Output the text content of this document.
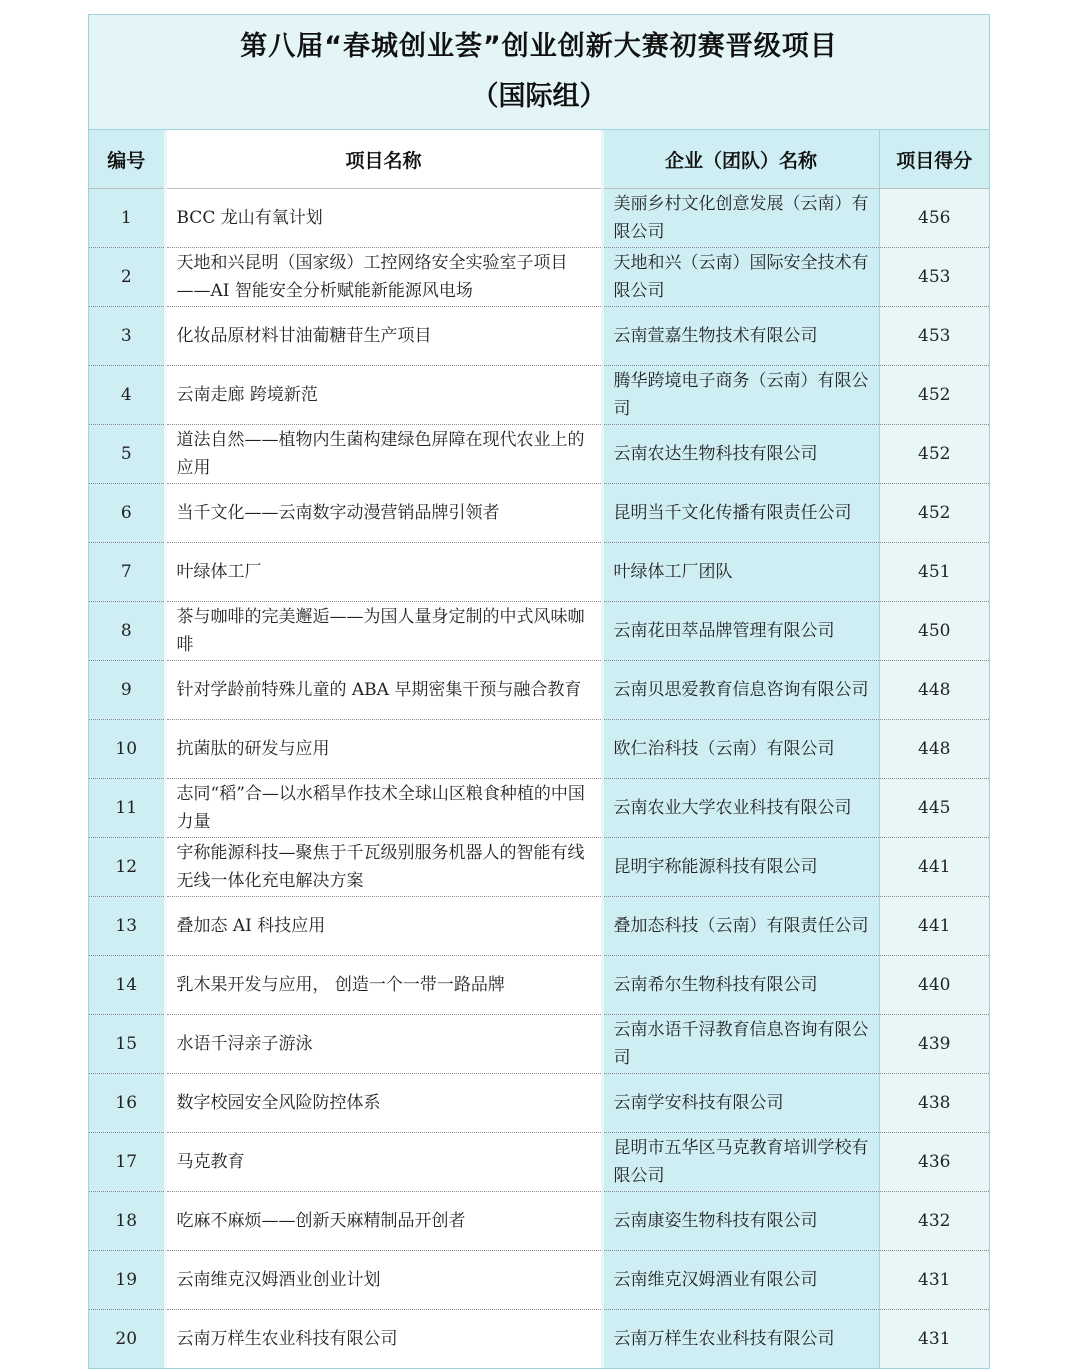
第八届“春城创业荟”创业创新大赛初赛晋级项目
（国际组）
编号	项目名称	企业（团队）名称	项目得分
1	BCC 龙山有氧计划	美丽乡村文化创意发展（云南）有限公司	456
2	天地和兴昆明（国家级）工控网络安全实验室子项目——AI 智能安全分析赋能新能源风电场	天地和兴（云南）国际安全技术有限公司	453
3	化妆品原材料甘油葡糖苷生产项目	云南萱嘉生物技术有限公司	453
4	云南走廊 跨境新范	腾华跨境电子商务（云南）有限公司	452
5	道法自然——植物内生菌构建绿色屏障在现代农业上的应用	云南农达生物科技有限公司	452
6	当千文化——云南数字动漫营销品牌引领者	昆明当千文化传播有限责任公司	452
7	叶绿体工厂	叶绿体工厂团队	451
8	茶与咖啡的完美邂逅——为国人量身定制的中式风味咖啡	云南花田萃品牌管理有限公司	450
9	针对学龄前特殊儿童的 ABA 早期密集干预与融合教育	云南贝思爱教育信息咨询有限公司	448
10	抗菌肽的研发与应用	欧仁治科技（云南）有限公司	448
11	志同“稻”合—以水稻旱作技术全球山区粮食种植的中国力量	云南农业大学农业科技有限公司	445
12	宇称能源科技—聚焦于千瓦级别服务机器人的智能有线无线一体化充电解决方案	昆明宇称能源科技有限公司	441
13	叠加态 AI 科技应用	叠加态科技（云南）有限责任公司	441
14	乳木果开发与应用， 创造一个一带一路品牌	云南希尔生物科技有限公司	440
15	水语千浔亲子游泳	云南水语千浔教育信息咨询有限公司	439
16	数字校园安全风险防控体系	云南学安科技有限公司	438
17	马克教育	昆明市五华区马克教育培训学校有限公司	436
18	吃麻不麻烦——创新天麻精制品开创者	云南康姿生物科技有限公司	432
19	云南维克汉姆酒业创业计划	云南维克汉姆酒业有限公司	431
20	云南万样生农业科技有限公司	云南万样生农业科技有限公司	431
